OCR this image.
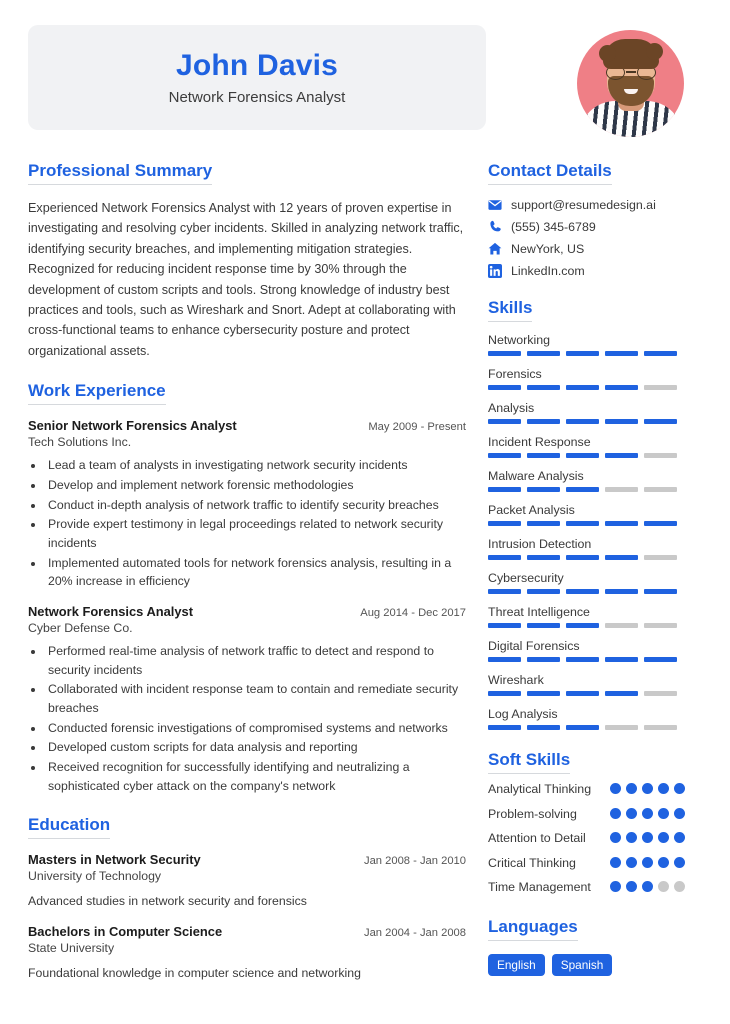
John Davis
Network Forensics Analyst
Professional Summary
Experienced Network Forensics Analyst with 12 years of proven expertise in investigating and resolving cyber incidents. Skilled in analyzing network traffic, identifying security breaches, and implementing mitigation strategies. Recognized for reducing incident response time by 30% through the development of custom scripts and tools. Strong knowledge of industry best practices and tools, such as Wireshark and Snort. Adept at collaborating with cross-functional teams to enhance cybersecurity posture and protect organizational assets.
Work Experience
Senior Network Forensics Analyst	May 2009 - Present
Tech Solutions Inc.
• Lead a team of analysts in investigating network security incidents
• Develop and implement network forensic methodologies
• Conduct in-depth analysis of network traffic to identify security breaches
• Provide expert testimony in legal proceedings related to network security incidents
• Implemented automated tools for network forensics analysis, resulting in a 20% increase in efficiency
Network Forensics Analyst	Aug 2014 - Dec 2017
Cyber Defense Co.
• Performed real-time analysis of network traffic to detect and respond to security incidents
• Collaborated with incident response team to contain and remediate security breaches
• Conducted forensic investigations of compromised systems and networks
• Developed custom scripts for data analysis and reporting
• Received recognition for successfully identifying and neutralizing a sophisticated cyber attack on the company's network
Education
Masters in Network Security	Jan 2008 - Jan 2010
University of Technology
Advanced studies in network security and forensics
Bachelors in Computer Science	Jan 2004 - Jan 2008
State University
Foundational knowledge in computer science and networking
Contact Details
support@resumedesign.ai
(555) 345-6789
NewYork, US
LinkedIn.com
Skills
Networking
Forensics
Analysis
Incident Response
Malware Analysis
Packet Analysis
Intrusion Detection
Cybersecurity
Threat Intelligence
Digital Forensics
Wireshark
Log Analysis
Soft Skills
Analytical Thinking
Problem-solving
Attention to Detail
Critical Thinking
Time Management
Languages
English	Spanish
